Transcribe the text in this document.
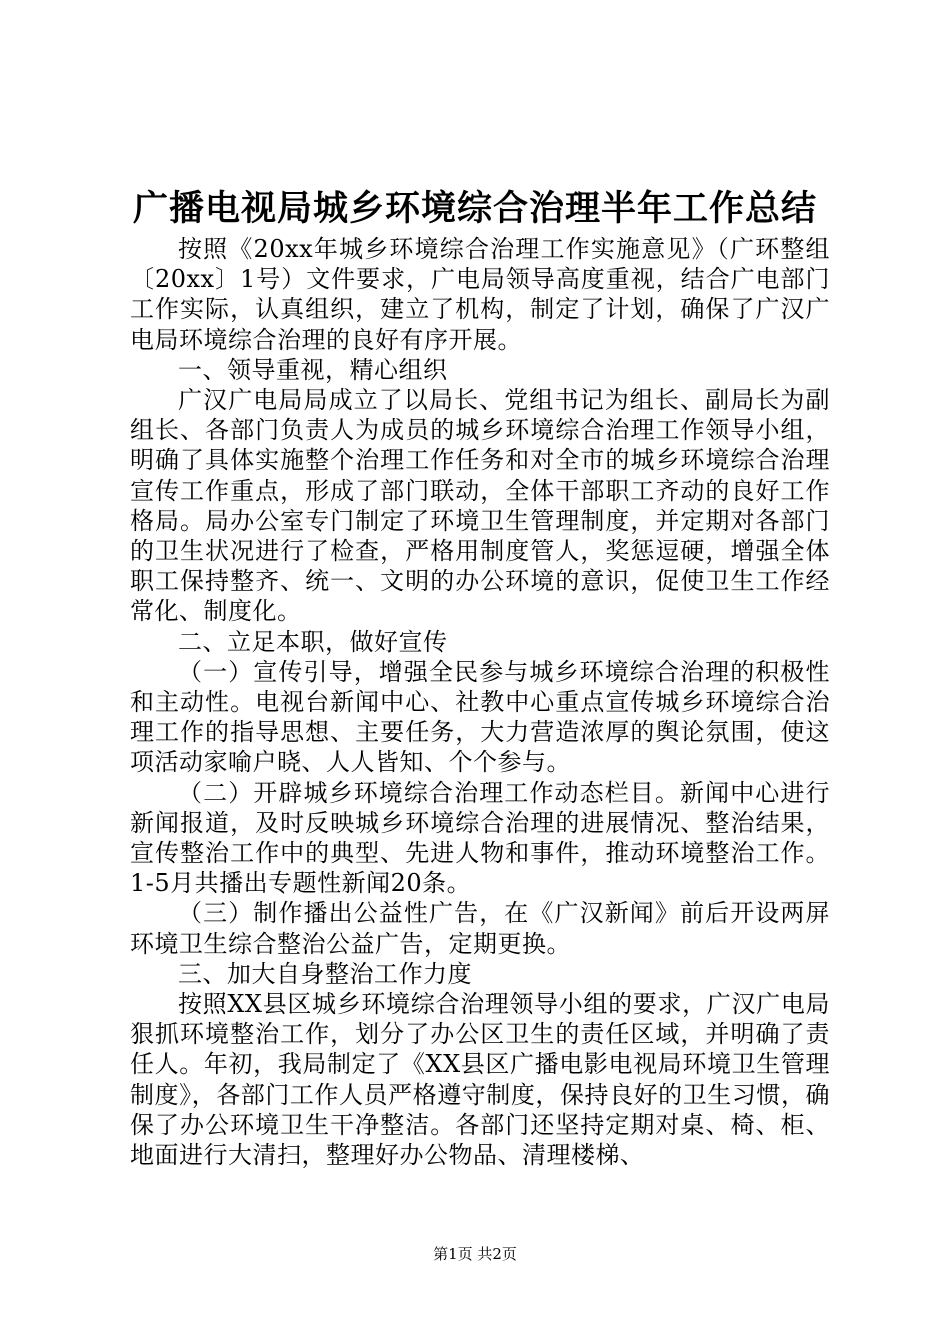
广播电视局城乡环境综合治理半年工作总结

按照《20xx年城乡环境综合治理工作实施意见》（广环整组〔20xx〕1号）文件要求，广电局领导高度重视，结合广电部门工作实际，认真组织，建立了机构，制定了计划，确保了广汉广电局环境综合治理的良好有序开展。

一、领导重视，精心组织

广汉广电局局成立了以局长、党组书记为组长、副局长为副组长、各部门负责人为成员的城乡环境综合治理工作领导小组，明确了具体实施整个治理工作任务和对全市的城乡环境综合治理宣传工作重点，形成了部门联动，全体干部职工齐动的良好工作格局。局办公室专门制定了环境卫生管理制度，并定期对各部门的卫生状况进行了检查，严格用制度管人，奖惩逗硬，增强全体职工保持整齐、统一、文明的办公环境的意识，促使卫生工作经常化、制度化。

二、立足本职，做好宣传

（一）宣传引导，增强全民参与城乡环境综合治理的积极性和主动性。电视台新闻中心、社教中心重点宣传城乡环境综合治理工作的指导思想、主要任务，大力营造浓厚的舆论氛围，使这项活动家喻户晓、人人皆知、个个参与。

（二）开辟城乡环境综合治理工作动态栏目。新闻中心进行新闻报道，及时反映城乡环境综合治理的进展情况、整治结果，宣传整治工作中的典型、先进人物和事件，推动环境整治工作。1-5月共播出专题性新闻20条。

（三）制作播出公益性广告，在《广汉新闻》前后开设两屏环境卫生综合整治公益广告，定期更换。

三、加大自身整治工作力度

按照XX县区城乡环境综合治理领导小组的要求，广汉广电局狠抓环境整治工作，划分了办公区卫生的责任区域，并明确了责任人。年初，我局制定了《XX县区广播电影电视局环境卫生管理制度》，各部门工作人员严格遵守制度，保持良好的卫生习惯，确保了办公环境卫生干净整洁。各部门还坚持定期对桌、椅、柜、地面进行大清扫，整理好办公物品、清理楼梯、

第1页 共2页
